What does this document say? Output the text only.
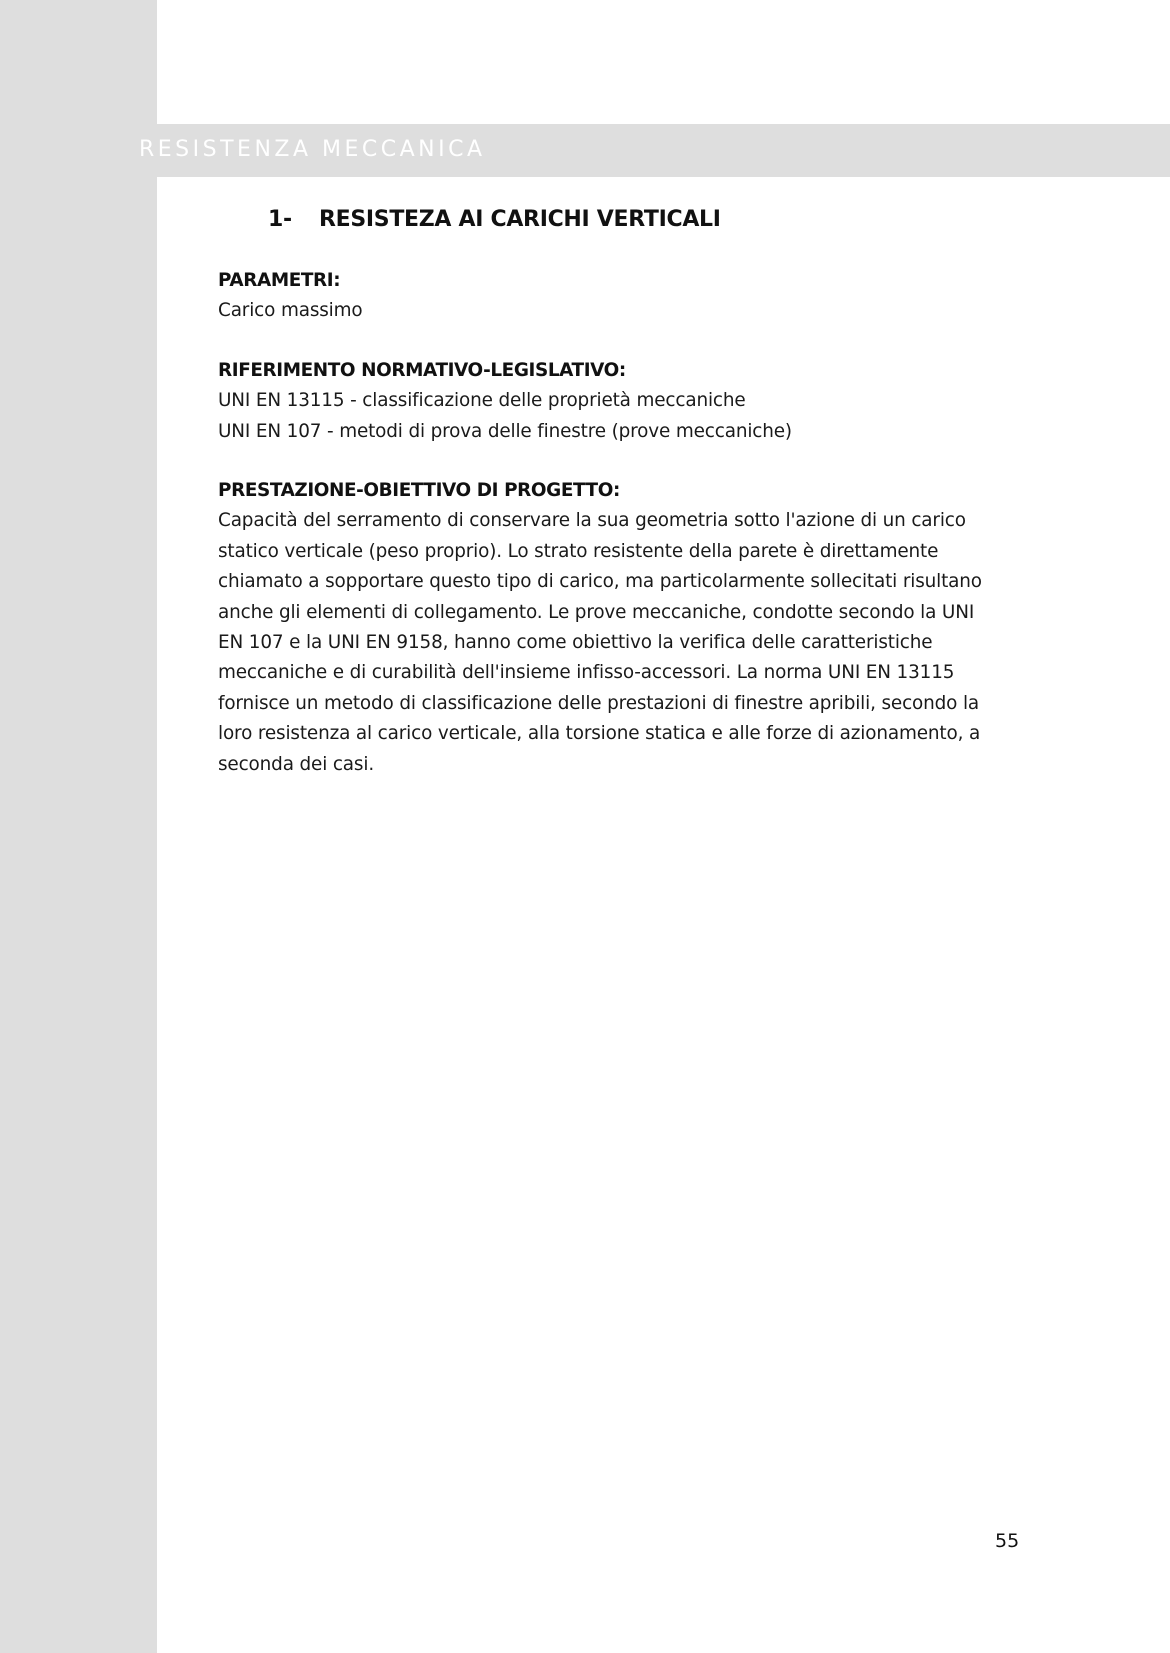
RESISTENZA MECCANICA
1- RESISTEZA AI CARICHI VERTICALI
PARAMETRI:
Carico massimo
RIFERIMENTO NORMATIVO-LEGISLATIVO:
UNI EN 13115 - classificazione delle proprietà meccaniche
UNI EN 107 - metodi di prova delle finestre (prove meccaniche)
PRESTAZIONE-OBIETTIVO DI PROGETTO:
Capacità del serramento di conservare la sua geometria sotto l'azione di un carico
statico verticale (peso proprio). Lo strato resistente della parete è direttamente
chiamato a sopportare questo tipo di carico, ma particolarmente sollecitati risultano
anche gli elementi di collegamento. Le prove meccaniche, condotte secondo la UNI
EN 107 e la UNI EN 9158, hanno come obiettivo la verifica delle caratteristiche
meccaniche e di curabilità dell'insieme infisso-accessori. La norma UNI EN 13115
fornisce un metodo di classificazione delle prestazioni di finestre apribili, secondo la
loro resistenza al carico verticale, alla torsione statica e alle forze di azionamento, a
seconda dei casi.
55
